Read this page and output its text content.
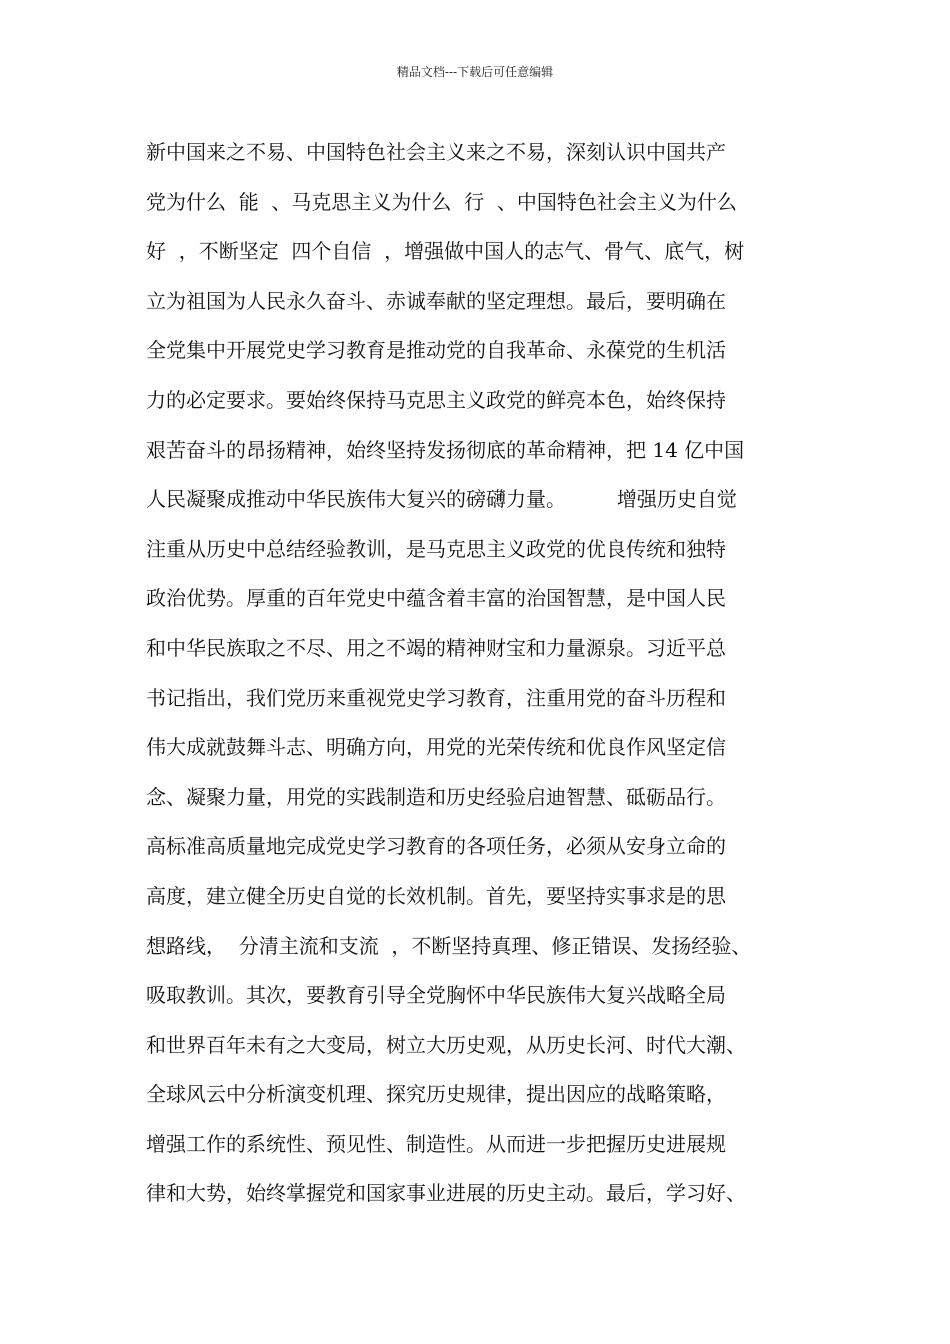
精品文档---下载后可任意编辑
新中国来之不易、中国特色社会主义来之不易，深刻认识中国共产
党为什么  能  、马克思主义为什么  行  、中国特色社会主义为什么
好  ，不断坚定  四个自信  ，增强做中国人的志气、骨气、底气，树
立为祖国为人民永久奋斗、赤诚奉献的坚定理想。最后，要明确在
全党集中开展党史学习教育是推动党的自我革命、永葆党的生机活
力的必定要求。要始终保持马克思主义政党的鲜亮本色，始终保持
艰苦奋斗的昂扬精神，始终坚持发扬彻底的革命精神，把 14 亿中国
人民凝聚成推动中华民族伟大复兴的磅礴力量。        增强历史自觉
注重从历史中总结经验教训，是马克思主义政党的优良传统和独特
政治优势。厚重的百年党史中蕴含着丰富的治国智慧，是中国人民
和中华民族取之不尽、用之不竭的精神财宝和力量源泉。习近平总
书记指出，我们党历来重视党史学习教育，注重用党的奋斗历程和
伟大成就鼓舞斗志、明确方向，用党的光荣传统和优良作风坚定信
念、凝聚力量，用党的实践制造和历史经验启迪智慧、砥砺品行。
高标准高质量地完成党史学习教育的各项任务，必须从安身立命的
高度，建立健全历史自觉的长效机制。首先，要坚持实事求是的思
想路线，  分清主流和支流  ，不断坚持真理、修正错误、发扬经验、
吸取教训。其次，要教育引导全党胸怀中华民族伟大复兴战略全局
和世界百年未有之大变局，树立大历史观，从历史长河、时代大潮、
全球风云中分析演变机理、探究历史规律，提出因应的战略策略，
增强工作的系统性、预见性、制造性。从而进一步把握历史进展规
律和大势，始终掌握党和国家事业进展的历史主动。最后，学习好、
